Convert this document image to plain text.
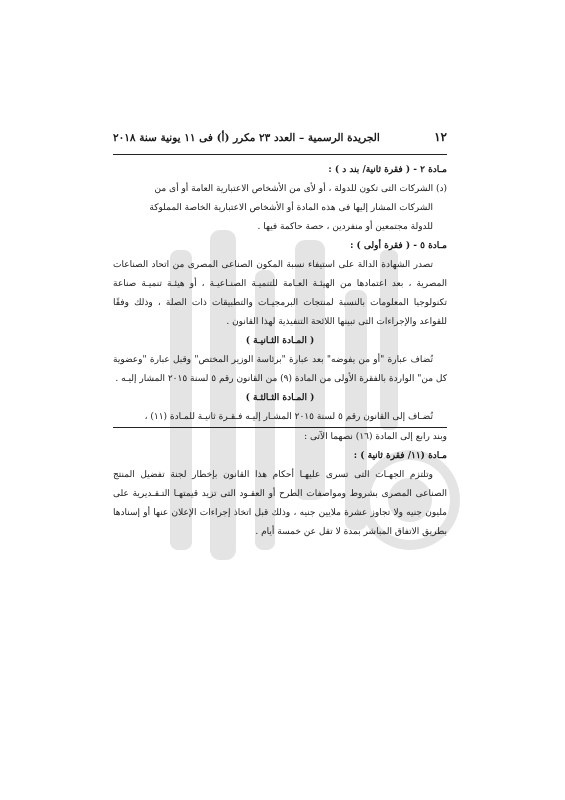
١٢
الجريدة الرسمية – العدد ٢٣ مكرر (أ) فى ١١ يونية سنة ٢٠١٨

مـادة ٢ - ( فقرة ثانية/ بند د ) :

(د) الشركات التى تكون للدولة ، أو لأى من الأشخاص الاعتبارية العامة أو أى من

الشركات المشار إليها فى هذه المادة أو الأشخاص الاعتبارية الخاصة المملوكة

للدولة مجتمعين أو منفردين ، حصة حاكمة فيها .

مـادة ٥ - ( فقرة أولى ) :

تصدر الشهادة الدالة على استيفاء نسبة المكون الصناعى المصرى من اتحاد الصناعات المصرية ، بعد اعتمادها من الهيئـة العـامة للتنميـة الصنـاعيـة ، أو هيئـة تنميـة صناعة تكنولوجيا المعلومات بالنسبة لمنتجات البرمجيـات والتطبيقات ذات الصلة ، وذلك وفقًا للقواعد والإجراءات التى تبينها اللائحة التنفيذية لهذا القانون .

( المـادة الثـانيـة )

تُضاف عبارة "أو من يفوضه" بعد عبارة "برئاسة الوزير المختص" وقبل عبارة "وعضوية كل من" الواردة بالفقرة الأولى من المادة (٩) من القانون رقم ٥ لسنة ٢٠١٥ المشار إليـه .

( المـادة الثـالثـة )

تُضـاف إلى القانون رقم ٥ لسنة ٢٠١٥ المشـار إليـه فـقـرة ثانيـة للمـادة (١١) ،

وبند رابع إلى المادة (١٦) نصهما الآتى :

مـادة (١١/ فقرة ثانية ) :

وتلتزم الجهـات التى تسرى عليهـا أحكام هذا القانون بإخطار لجنة تفضيل المنتج الصناعى المصرى بشروط ومواصفات الطرح أو العقـود التى تزيد قيمتهـا التـقـديرية على مليون جنيه ولا تجاوز عشرة ملايين جنيه ، وذلك قبل اتخاذ إجراءات الإعلان عنها أو إسنادها بطريق الاتفاق المباشر بمدة لا تقل عن خمسة أيام .
